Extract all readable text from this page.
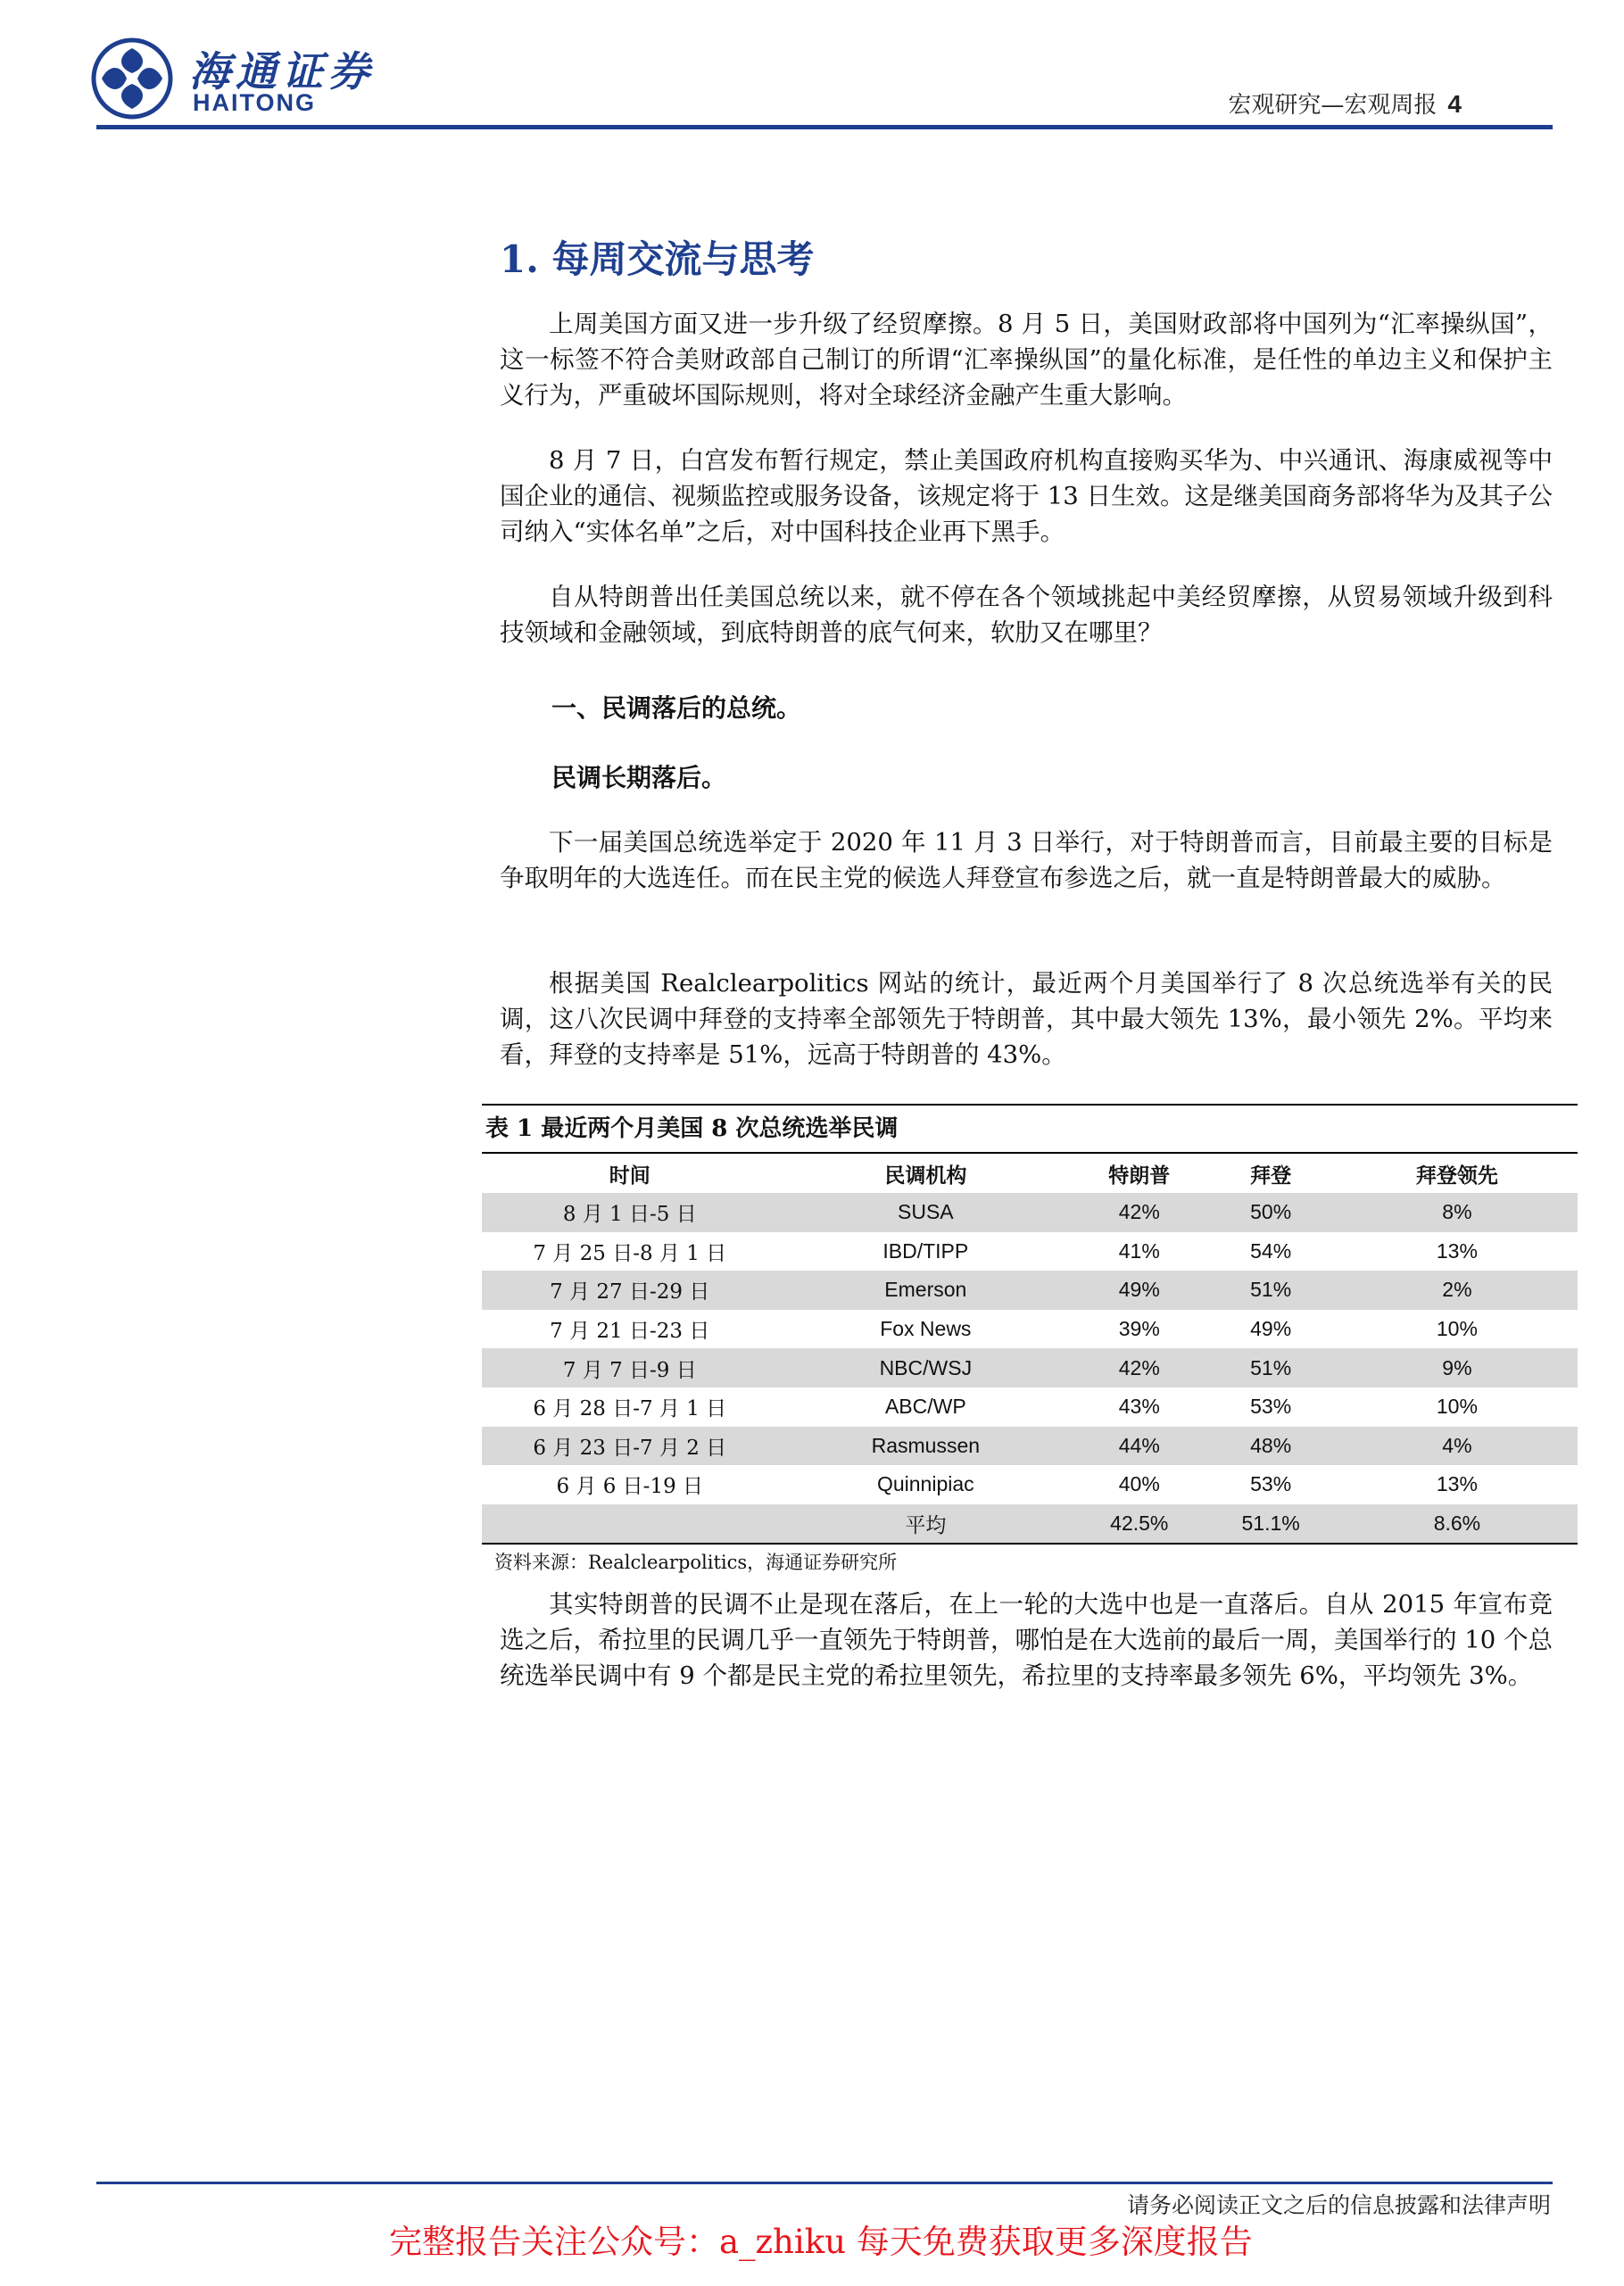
海通证券
HAITONG	宏观研究—宏观周报 4
1. 每周交流与思考

上周美国方面又进一步升级了经贸摩擦。8 月 5 日，美国财政部将中国列为“汇率操纵国”，这一标签不符合美财政部自己制订的所谓“汇率操纵国”的量化标准，是任性的单边主义和保护主义行为，严重破坏国际规则，将对全球经济金融产生重大影响。

8 月 7 日，白宫发布暂行规定，禁止美国政府机构直接购买华为、中兴通讯、海康威视等中国企业的通信、视频监控或服务设备，该规定将于 13 日生效。这是继美国商务部将华为及其子公司纳入“实体名单”之后，对中国科技企业再下黑手。

自从特朗普出任美国总统以来，就不停在各个领域挑起中美经贸摩擦，从贸易领域升级到科技领域和金融领域，到底特朗普的底气何来，软肋又在哪里？

一、民调落后的总统。
民调长期落后。

下一届美国总统选举定于 2020 年 11 月 3 日举行，对于特朗普而言，目前最主要的目标是争取明年的大选连任。而在民主党的候选人拜登宣布参选之后，就一直是特朗普最大的威胁。

根据美国 Realclearpolitics 网站的统计，最近两个月美国举行了 8 次总统选举有关的民调，这八次民调中拜登的支持率全部领先于特朗普，其中最大领先 13%，最小领先 2%。平均来看，拜登的支持率是 51%，远高于特朗普的 43%。

表 1 最近两个月美国 8 次总统选举民调
时间	民调机构	特朗普	拜登	拜登领先
8 月 1 日-5 日	SUSA	42%	50%	8%
7 月 25 日-8 月 1 日	IBD/TIPP	41%	54%	13%
7 月 27 日-29 日	Emerson	49%	51%	2%
7 月 21 日-23 日	Fox News	39%	49%	10%
7 月 7 日-9 日	NBC/WSJ	42%	51%	9%
6 月 28 日-7 月 1 日	ABC/WP	43%	53%	10%
6 月 23 日-7 月 2 日	Rasmussen	44%	48%	4%
6 月 6 日-19 日	Quinnipiac	40%	53%	13%
	平均	42.5%	51.1%	8.6%
资料来源：Realclearpolitics，海通证券研究所

其实特朗普的民调不止是现在落后，在上一轮的大选中也是一直落后。自从 2015 年宣布竞选之后，希拉里的民调几乎一直领先于特朗普，哪怕是在大选前的最后一周，美国举行的 10 个总统选举民调中有 9 个都是民主党的希拉里领先，希拉里的支持率最多领先 6%，平均领先 3%。

请务必阅读正文之后的信息披露和法律声明
完整报告关注公众号：a_zhiku 每天免费获取更多深度报告
